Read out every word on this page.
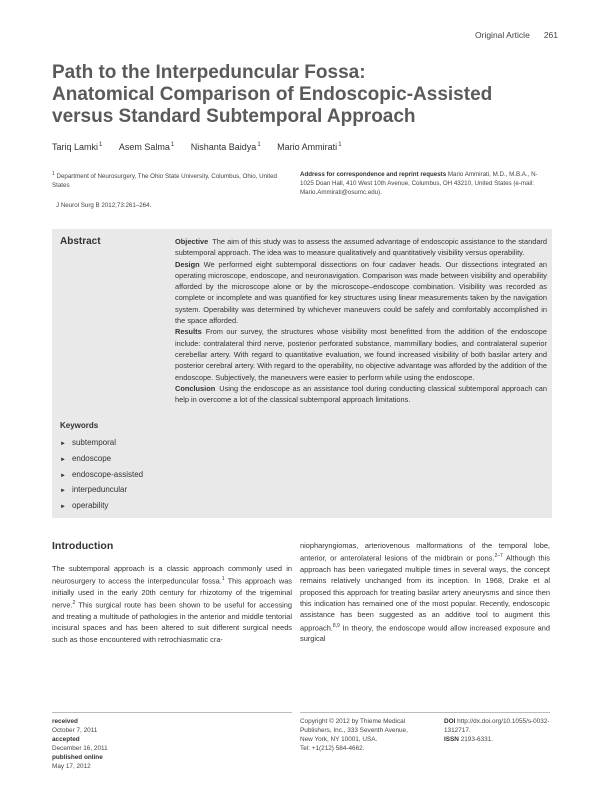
Original Article 261
Path to the Interpeduncular Fossa:
Anatomical Comparison of Endoscopic-Assisted
versus Standard Subtemporal Approach
Tariq Lamki$^1$ Asem Salma$^1$ Nishanta Baidya$^1$ Mario Ammirati$^1$
$^1$ Department of Neurosurgery, The Ohio State University, Columbus, Ohio, United States
J Neurol Surg B 2012;73:261–264.
Address for correspondence and reprint requests Mario Ammirati, M.D., M.B.A., N-1025 Doan Hall, 410 West 10th Avenue, Columbus, OH 43210, United States (e-mail: Mario.Ammirati@osumc.edu).
Abstract
Keywords
► subtemporal
► endoscope
► endoscope-assisted
► interpeduncular
► operability

Objective The aim of this study was to assess the assumed advantage of endoscopic assistance to the standard subtemporal approach. The idea was to measure qualitatively and quantitatively visibility versus operability.

Design We performed eight subtemporal dissections on four cadaver heads. Our dissections integrated an operating microscope, endoscope, and neuronavigation. Comparison was made between visibility and operability afforded by the microscope alone or by the microscope–endoscope combination. Visibility was recorded as complete or incomplete and was quantified for key structures using linear measurements taken by the navigation system. Operability was determined by whichever maneuvers could be safely and comfortably accomplished in the space afforded.

Results From our survey, the structures whose visibility most benefitted from the addition of the endoscope include: contralateral third nerve, posterior perforated substance, mammillary bodies, and contralateral superior cerebellar artery. With regard to quantitative evaluation, we found increased visibility of both basilar artery and posterior cerebral artery. With regard to the operability, no objective advantage was afforded by the addition of the endoscope. Subjectively, the maneuvers were easier to perform while using the endoscope.

Conclusion Using the endoscope as an assistance tool during conducting classical subtemporal approach can help in overcome a lot of the classical subtemporal approach limitations.

Introduction
The subtemporal approach is a classic approach commonly used in neurosurgery to access the interpeduncular fossa.$^1$ This approach was initially used in the early 20th century for rhizotomy of the trigeminal nerve.$^2$ This surgical route has been shown to be useful for accessing and treating a multitude of pathologies in the anterior and middle tentorial incisural spaces and has been altered to suit different surgical needs such as those encountered with retrochiasmatic cra-
niopharyngiomas, arteriovenous malformations of the temporal lobe, anterior, or anterolateral lesions of the midbrain or pons.$^{2-7}$ Although this approach has been variegated multiple times in several ways, the concept remains relatively unchanged from its inception. In 1968, Drake et al proposed this approach for treating basilar artery aneurysms and since then this indication has remained one of the most popular. Recently, endoscopic assistance has been suggested as an additive tool to augment this approach.$^{8,9}$ In theory, the endoscope would allow increased exposure and surgical
received
October 7, 2011
accepted
December 16, 2011
published online
May 17, 2012
Copyright © 2012 by Thieme Medical
Publishers, Inc., 333 Seventh Avenue,
New York, NY 10001, USA.
Tel: +1(212) 584-4662.
DOI http://dx.doi.org/10.1055/s-0032-1312717.
ISSN 2193-6331.
